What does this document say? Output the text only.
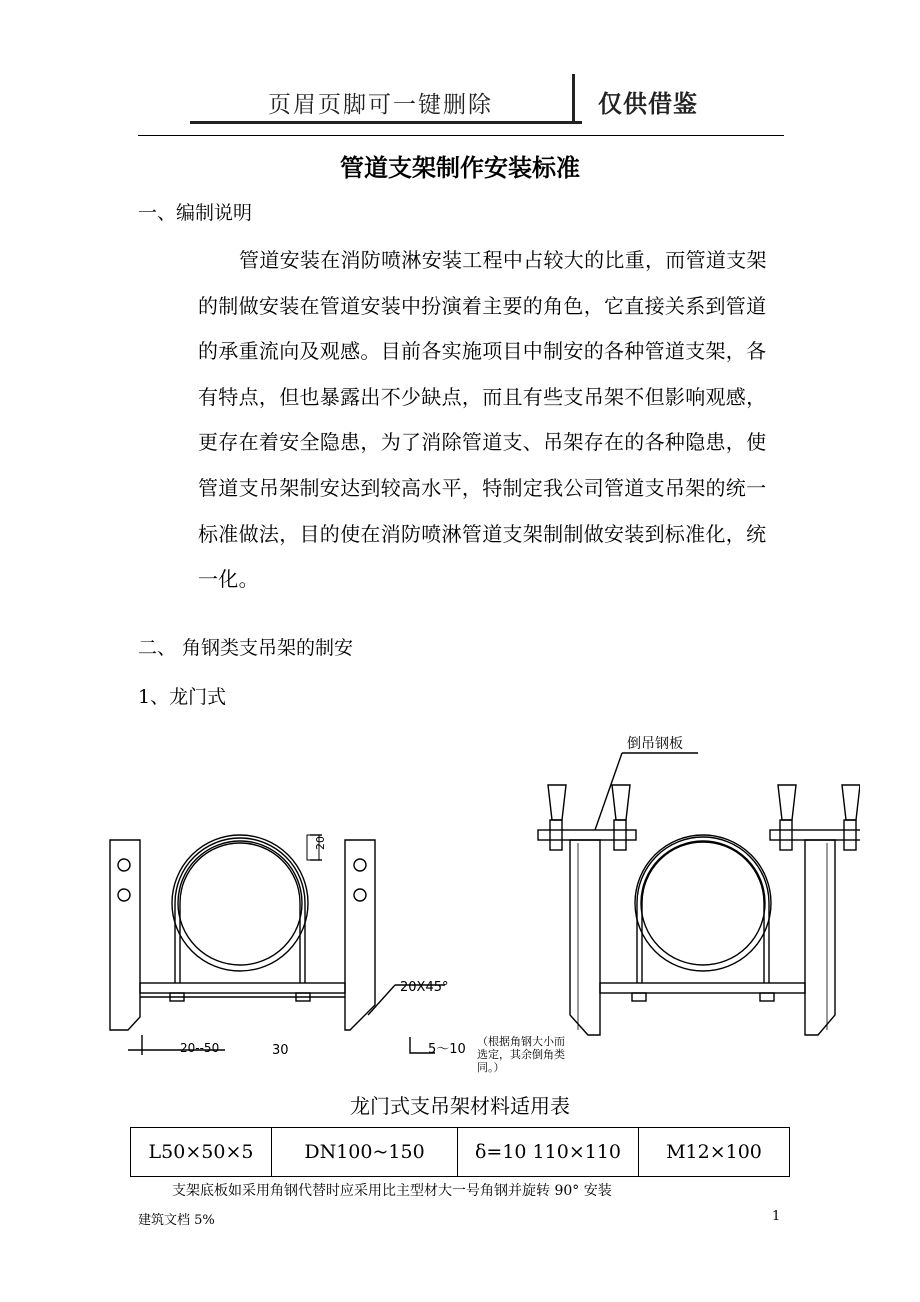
页眉页脚可一键删除	仅供借鉴
管道支架制作安装标准
一、编制说明
管道安装在消防喷淋安装工程中占较大的比重，而管道支架的制做安装在管道安装中扮演着主要的角色，它直接关系到管道的承重流向及观感。目前各实施项目中制安的各种管道支架，各有特点，但也暴露出不少缺点，而且有些支吊架不但影响观感，更存在着安全隐患，为了消除管道支、吊架存在的各种隐患，使管道支吊架制安达到较高水平，特制定我公司管道支吊架的统一标准做法，目的使在消防喷淋管道支架制制做安装到标准化，统一化。
二、 角钢类支吊架的制安
1、龙门式
20
20X45°
20--50	30	5～10
（根据角钢大小而
选定，其余倒角类
同。）
倒吊钢板
龙门式支吊架材料适用表
L50×50×5	DN100~150	δ=10 110×110	M12×100
支架底板如采用角钢代替时应采用比主型材大一号角钢并旋转 90° 安装
建筑文档 5%	1
